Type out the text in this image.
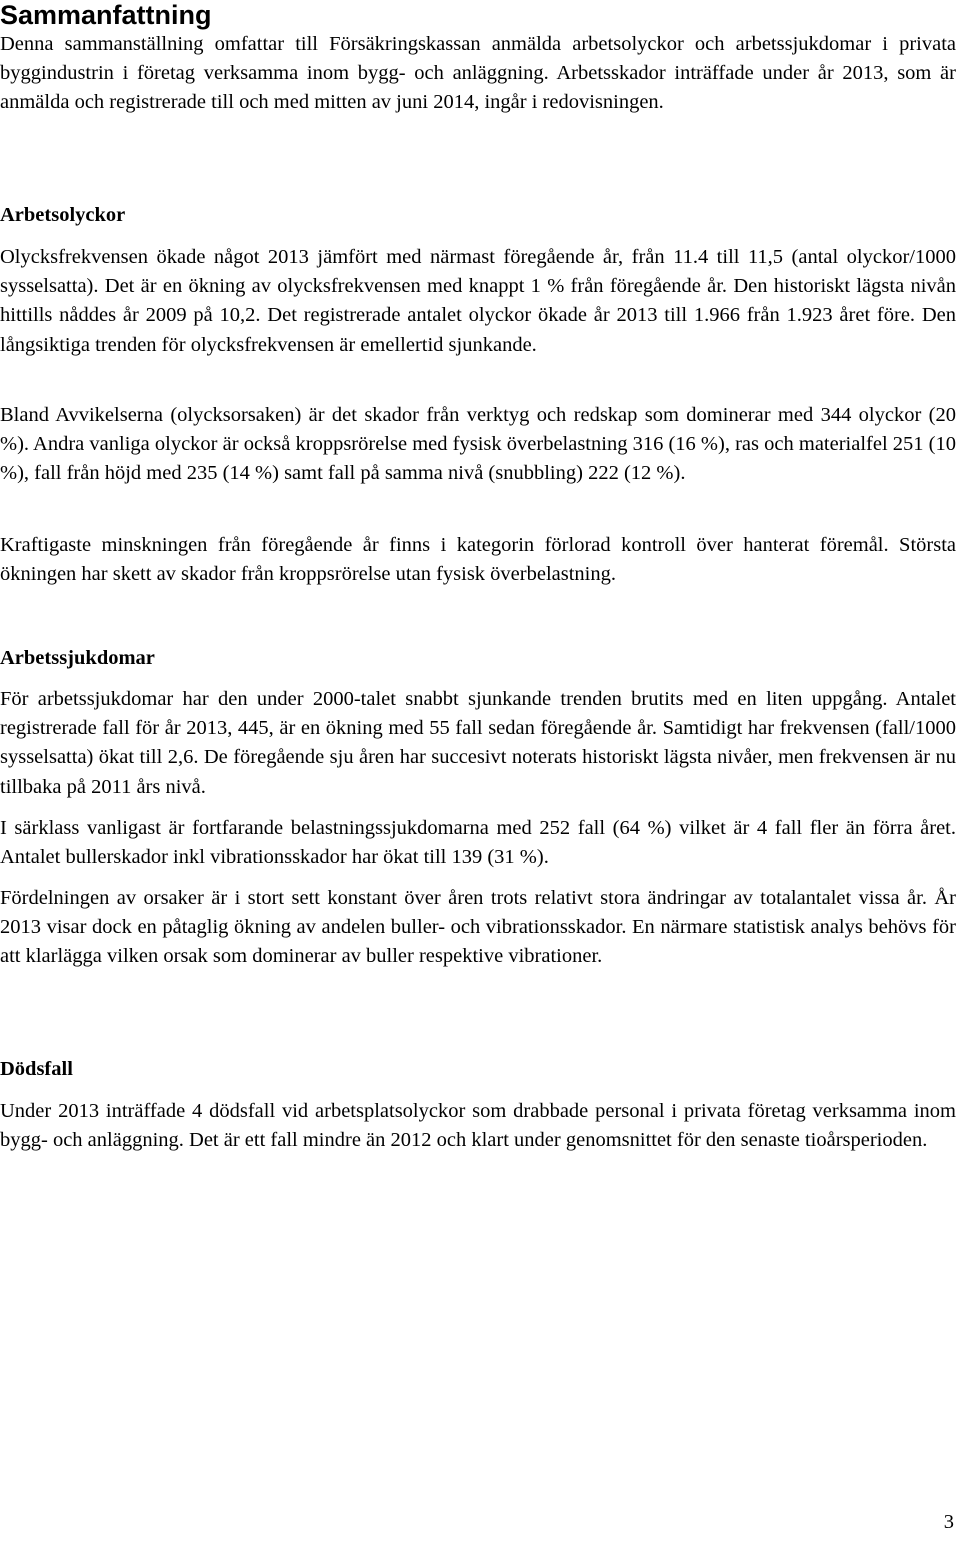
Sammanfattning

Denna sammanställning omfattar till Försäkringskassan anmälda arbetsolyckor och arbetssjukdomar i privata byggindustrin i företag verksamma inom bygg- och anläggning. Arbetsskador inträffade under år 2013, som är anmälda och registrerade till och med mitten av juni 2014, ingår i redovisningen.

Arbetsolyckor

Olycksfrekvensen ökade något 2013 jämfört med närmast föregående år, från 11.4 till 11,5 (antal olyckor/1000 sysselsatta). Det är en ökning av olycksfrekvensen med knappt 1 % från föregående år. Den historiskt lägsta nivån hittills nåddes år 2009 på 10,2. Det registrerade antalet olyckor ökade år 2013 till 1.966 från 1.923 året före. Den långsiktiga trenden för olycksfrekvensen är emellertid sjunkande.

Bland Avvikelserna (olycksorsaken) är det skador från verktyg och redskap som dominerar med 344 olyckor (20 %). Andra vanliga olyckor är också kroppsrörelse med fysisk överbelastning 316 (16 %), ras och materialfel 251 (10 %), fall från höjd med 235 (14 %) samt fall på samma nivå (snubbling) 222 (12 %).

Kraftigaste minskningen från föregående år finns i kategorin förlorad kontroll över hanterat föremål. Största ökningen har skett av skador från kroppsrörelse utan fysisk överbelastning.

Arbetssjukdomar

För arbetssjukdomar har den under 2000-talet snabbt sjunkande trenden brutits med en liten uppgång. Antalet registrerade fall för år 2013, 445, är en ökning med 55 fall sedan föregående år. Samtidigt har frekvensen (fall/1000 sysselsatta) ökat till 2,6. De föregående sju åren har succesivt noterats historiskt lägsta nivåer, men frekvensen är nu tillbaka på 2011 års nivå.

I särklass vanligast är fortfarande belastningssjukdomarna med 252 fall (64 %) vilket är 4 fall fler än förra året. Antalet bullerskador inkl vibrationsskador har ökat till 139 (31 %).

Fördelningen av orsaker är i stort sett konstant över åren trots relativt stora ändringar av totalantalet vissa år. År 2013 visar dock en påtaglig ökning av andelen buller- och vibrationsskador. En närmare statistisk analys behövs för att klarlägga vilken orsak som dominerar av buller respektive vibrationer.

Dödsfall

Under 2013 inträffade 4 dödsfall vid arbetsplatsolyckor som drabbade personal i privata företag verksamma inom bygg- och anläggning. Det är ett fall mindre än 2012 och klart under genomsnittet för den senaste tioårsperioden.

3
